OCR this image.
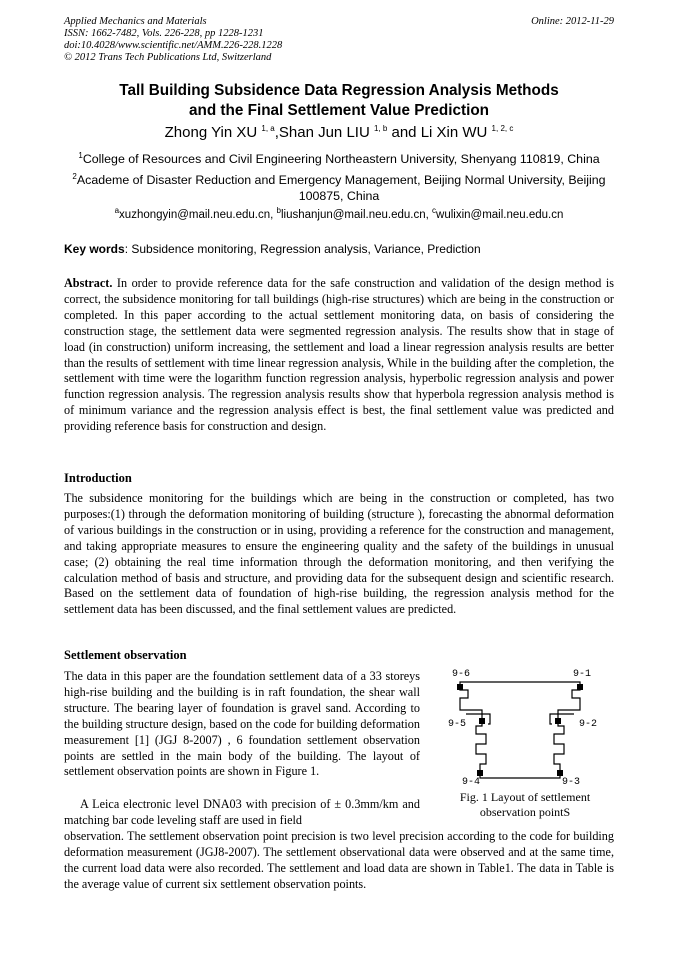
Applied Mechanics and Materials
ISSN: 1662-7482, Vols. 226-228, pp 1228-1231
doi:10.4028/www.scientific.net/AMM.226-228.1228
© 2012 Trans Tech Publications Ltd, Switzerland
Online: 2012-11-29
Tall Building Subsidence Data Regression Analysis Methods
and the Final Settlement Value Prediction
Zhong Yin XU $^{1, a}$,Shan Jun LIU $^{1, b}$ and Li Xin WU $^{1, 2, c}$
$^1$College of Resources and Civil Engineering Northeastern University, Shenyang 110819, China
$^2$Academe of Disaster Reduction and Emergency Management, Beijing Normal University, Beijing
100875, China
$^a$xuzhongyin@mail.neu.edu.cn, $^b$liushanjun@mail.neu.edu.cn, $^c$wulixin@mail.neu.edu.cn
Key words: Subsidence monitoring, Regression analysis, Variance, Prediction
Abstract. In order to provide reference data for the safe construction and validation of the design method is correct, the subsidence monitoring for tall buildings (high-rise structures) which are being in the construction or completed. In this paper according to the actual settlement monitoring data, on basis of considering the construction stage, the settlement data were segmented regression analysis. The results show that in stage of load (in construction) uniform increasing, the settlement and load a linear regression analysis results are better than the results of settlement with time linear regression analysis, While in the building after the completion, the settlement with time were the logarithm function regression analysis, hyperbolic regression analysis and power function regression analysis. The regression analysis results show that hyperbola regression analysis method is of minimum variance and the regression analysis effect is best, the final settlement value was predicted and providing reference basis for construction and design.
Introduction
The subsidence monitoring for the buildings which are being in the construction or completed, has two purposes:(1) through the deformation monitoring of building (structure ), forecasting the abnormal deformation of various buildings in the construction or in using, providing a reference for the construction and management, and taking appropriate measures to ensure the engineering quality and the safety of the buildings in unusual case; (2) obtaining the real time information through the deformation monitoring, and then verifying the calculation method of basis and structure, and providing data for the subsequent design and scientific research. Based on the settlement data of foundation of high-rise building, the regression analysis method for the settlement data has been discussed, and the final settlement values are predicted.
Settlement observation
The data in this paper are the foundation settlement data of a 33 storeys high-rise building and the building is in raft foundation, the shear wall structure. The bearing layer of foundation is gravel sand. According to the building structure design, based on the code for building deformation measurement [1] (JGJ 8-2007) , 6 foundation settlement observation points are settled in the main body of the building. The layout of settlement observation points are shown in Figure 1.
A Leica electronic level DNA03 with precision of ± 0.3mm/km and matching bar code leveling staff are used in field
observation. The settlement observation point precision is two level precision according to the code for building deformation measurement (JGJ8-2007). The settlement observational data were observed and at the same time, the current load data were also recorded. The settlement and load data are shown in Table1. The data in Table is the average value of current six settlement observation points.
9-6	9-1
9-5	9-2
9-4	9-3
Fig. 1 Layout of settlement
observation pointS
